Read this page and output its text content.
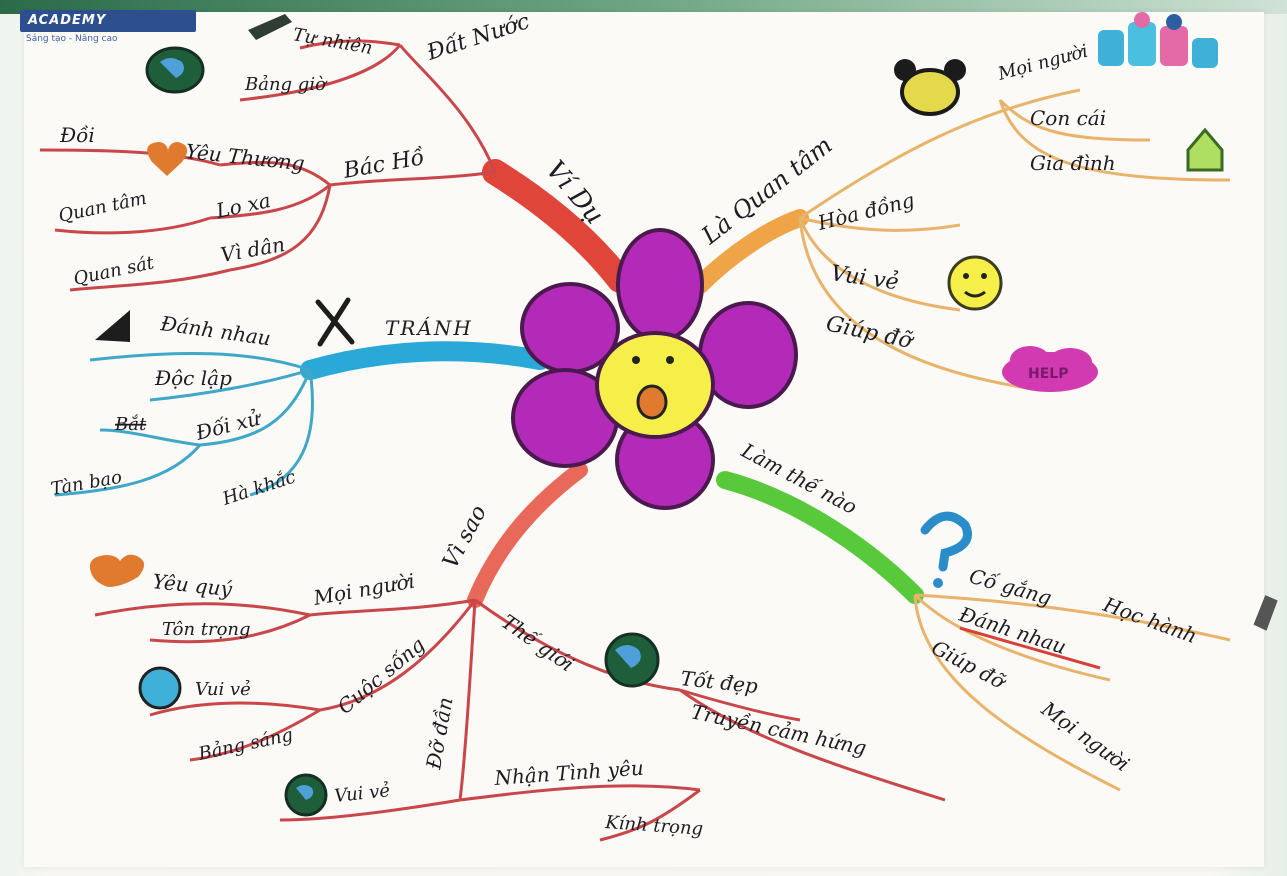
ACADEMY
Sáng tạo - Nâng cao
Ví Dụ
Đất Nước
Tự nhiên
Bảng giờ
Bác Hồ
Yêu Thương
Đồi
Quan tâm	Lo xa
Quan sát
Vì dân	Là Quan tâm
Mọi người
Con cái
Gia đình
Hòa đồng
Vui vẻ
Giúp đỡ
HELP
TRÁNH
Đánh nhau
Độc lập
Đối xử
Bắt
Tàn bạo	Hà khắc	Làm thế nào
Cố gắng
Học hành
Đánh nhau
Giúp đỡ
Mọi người
Vì sao
Mọi người
Yêu quý
Tôn trọng
Cuộc sống
Vui vẻ
Bảng sáng
Thế giới
Tốt đẹp
Truyền cảm hứng
Đỡ đần
Vui vẻ
Nhận Tình yêu
Kính trọng
